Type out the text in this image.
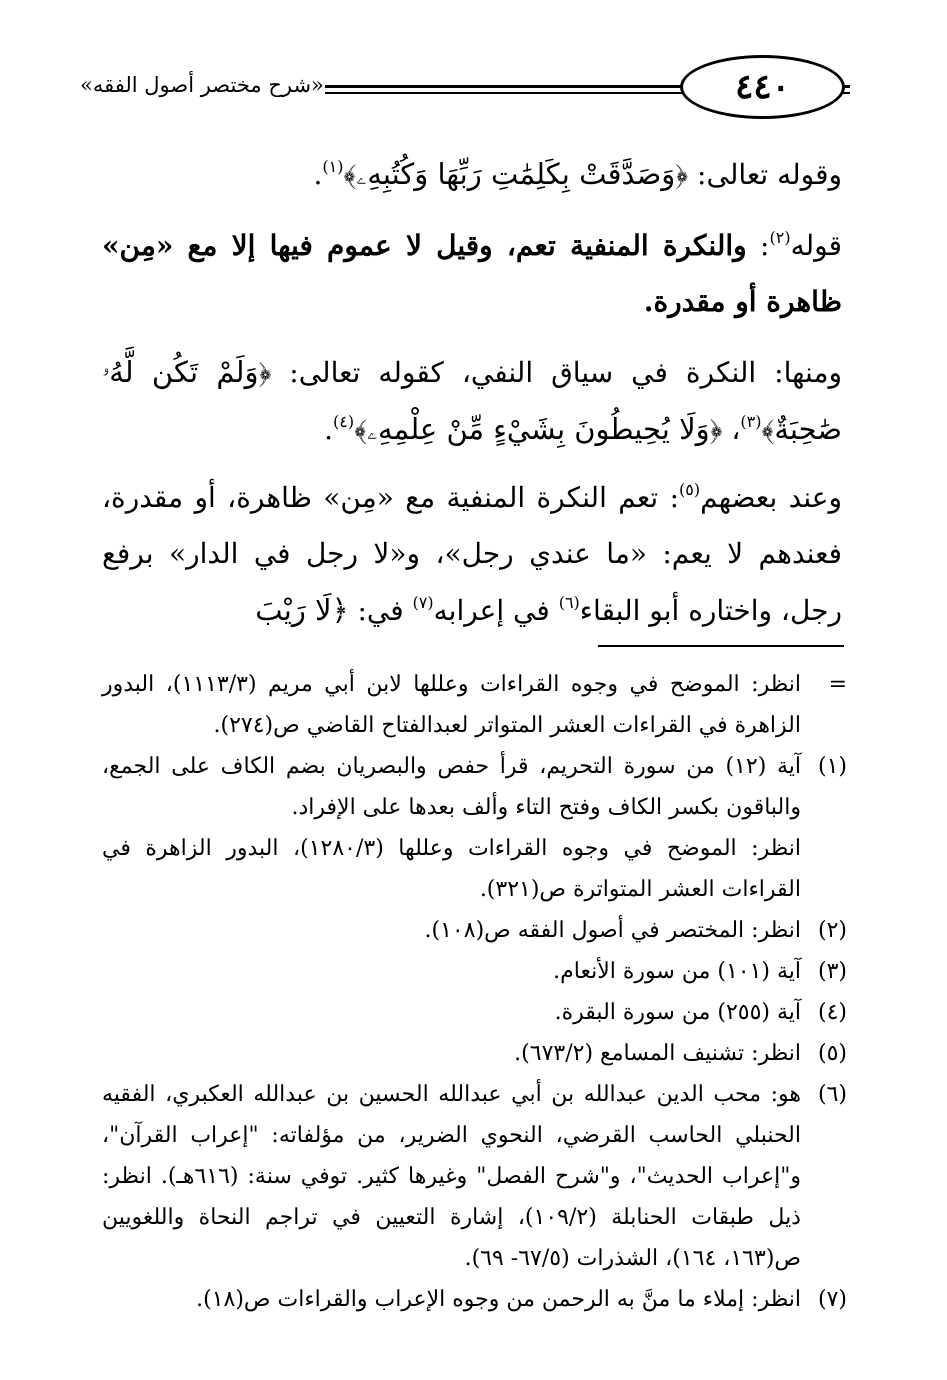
«شرح مختصر أصول الفقه»	٤٤٠

وقوله تعالى: ﴿وَصَدَّقَتْ بِكَلِمَٰتِ رَبِّهَا وَكُتُبِهِۦ﴾$^{(١)}$.

قوله$^{(٢)}$: والنكرة المنفية تعم، وقيل لا عموم فيها إلا مع «مِن» ظاهرة أو مقدرة.

ومنها: النكرة في سياق النفي، كقوله تعالى: ﴿وَلَمْ تَكُن لَّهُۥ صَٰحِبَةٌ﴾$^{(٣)}$، ﴿وَلَا يُحِيطُونَ بِشَيْءٍ مِّنْ عِلْمِهِۦ﴾$^{(٤)}$.

وعند بعضهم$^{(٥)}$: تعم النكرة المنفية مع «مِن» ظاهرة، أو مقدرة، فعندهم لا يعم: «ما عندي رجل»، و«لا رجل في الدار» برفع رجل، واختاره أبو البقاء$^{(٦)}$ في إعرابه$^{(٧)}$ في: ﴿لَا رَيْبَ

=

انظر: الموضح في وجوه القراءات وعللها لابن أبي مريم (١١١٣/٣)، البدور الزاهرة في القراءات العشر المتواتر لعبدالفتاح القاضي ص(٢٧٤).

(١)

آية (١٢) من سورة التحريم، قرأ حفص والبصريان بضم الكاف على الجمع، والباقون بكسر الكاف وفتح التاء وألف بعدها على الإفراد.

انظر: الموضح في وجوه القراءات وعللها (١٢٨٠/٣)، البدور الزاهرة في القراءات العشر المتواترة ص(٣٢١).

(٢)

انظر: المختصر في أصول الفقه ص(١٠٨).

(٣)

آية (١٠١) من سورة الأنعام.

(٤)

آية (٢٥٥) من سورة البقرة.

(٥)

انظر: تشنيف المسامع (٦٧٣/٢).

(٦)

هو: محب الدين عبدالله بن أبي عبدالله الحسين بن عبدالله العكبري، الفقيه الحنبلي الحاسب القرضي، النحوي الضرير، من مؤلفاته: "إعراب القرآن"، و"إعراب الحديث"، و"شرح الفصل" وغيرها كثير. توفي سنة: (٦١٦هـ). انظر: ذيل طبقات الحنابلة (١٠٩/٢)، إشارة التعيين في تراجم النحاة واللغويين ص(١٦٣، ١٦٤)، الشذرات (٦٧/٥- ٦٩).

(٧)

انظر: إملاء ما منَّ به الرحمن من وجوه الإعراب والقراءات ص(١٨).
